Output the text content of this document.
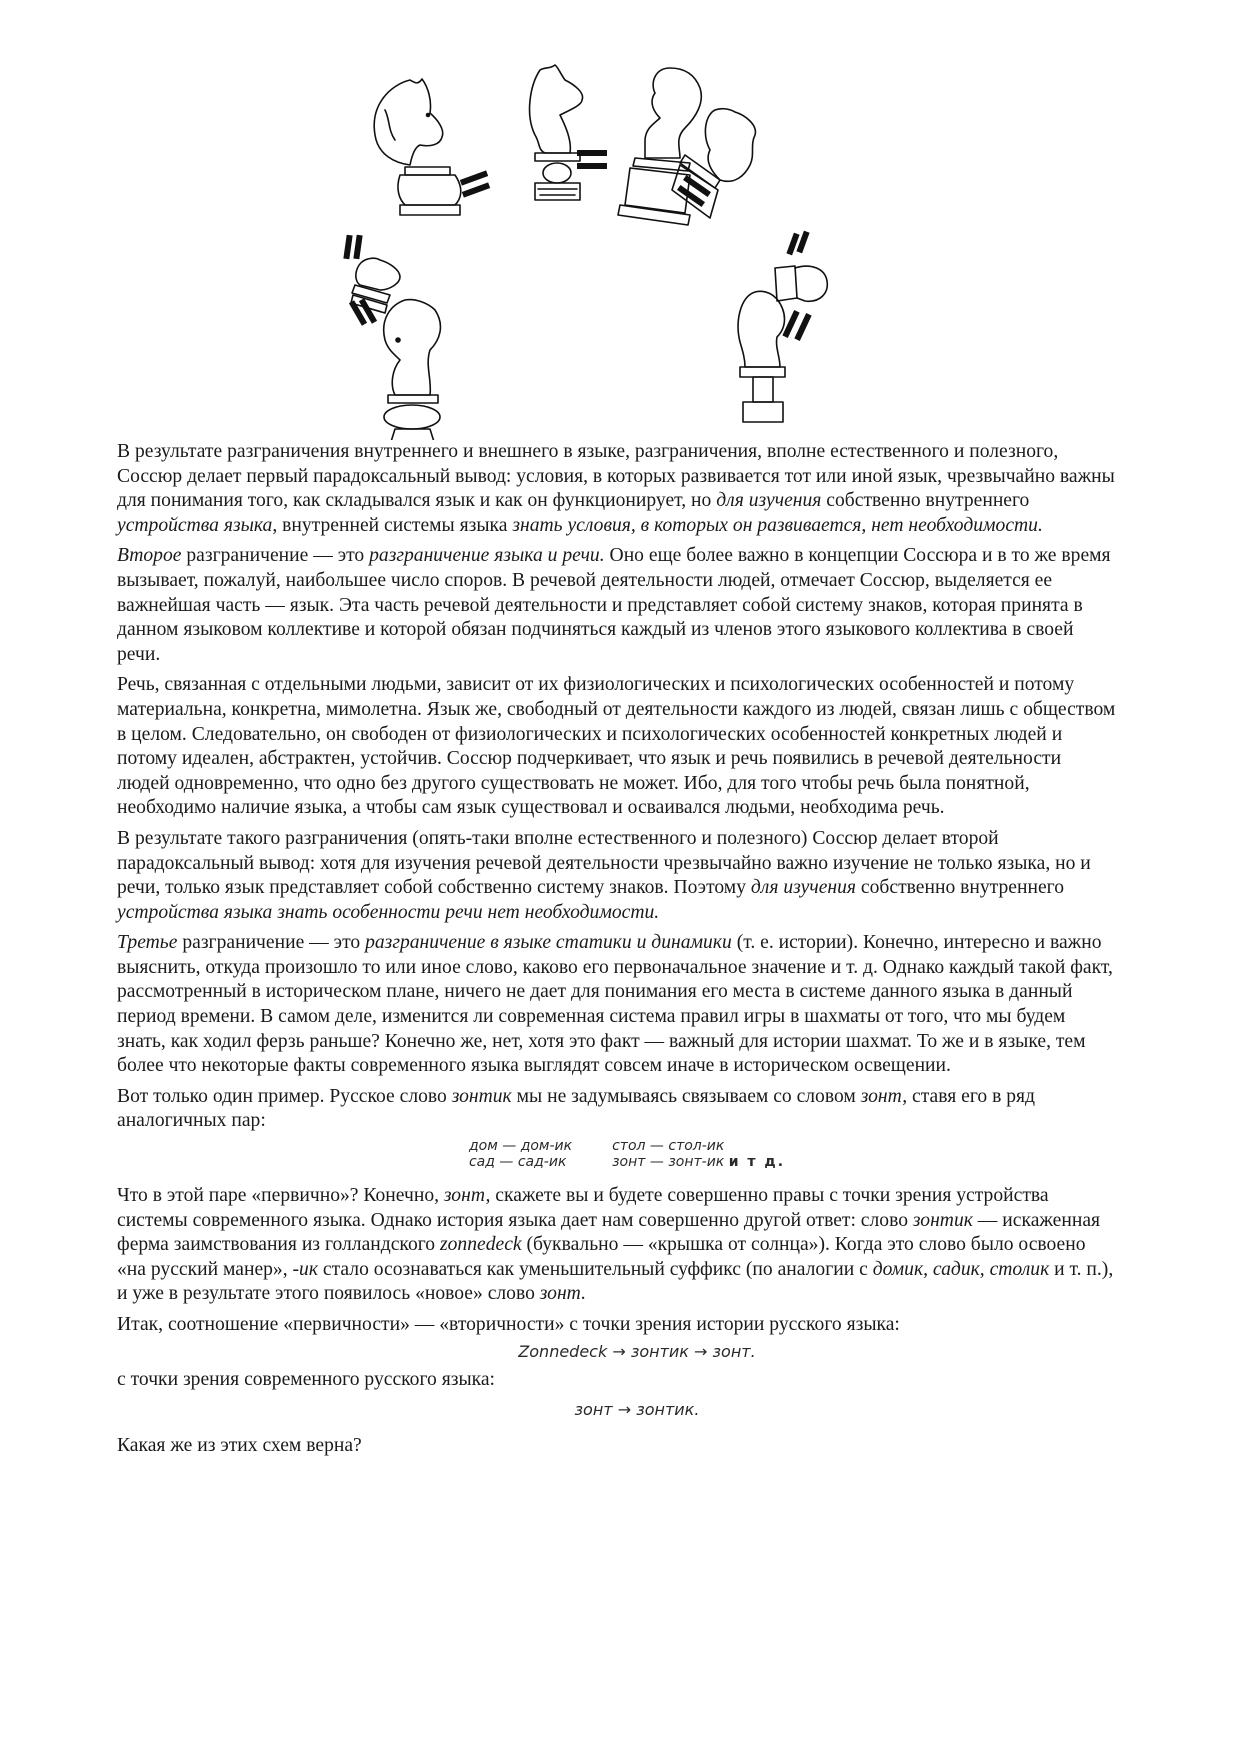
В результате разграничения внутреннего и внешнего в языке, разграничения, вполне естественного и полезного, Соссюр делает первый парадоксальный вывод: условия, в которых развивается тот или иной язык, чрезвычайно важны для понимания того, как складывался язык и как он функционирует, но для изучения собственно внутреннего устройства языка, внутренней системы языка знать условия, в которых он развивается, нет необходимости.

Второе разграничение — это разграничение языка и речи. Оно еще более важно в концепции Соссюра и в то же время вызывает, пожалуй, наибольшее число споров. В речевой деятельности людей, отмечает Соссюр, выделяется ее важнейшая часть — язык. Эта часть речевой деятельности и представляет собой систему знаков, которая принята в данном языковом коллективе и которой обязан подчиняться каждый из членов этого языкового коллектива в своей речи.

Речь, связанная с отдельными людьми, зависит от их физиологических и психологических особенностей и потому материальна, конкретна, мимолетна. Язык же, свободный от деятельности каждого из людей, связан лишь с обществом в целом. Следовательно, он свободен от физиологических и психологических особенностей конкретных людей и потому идеален, абстрактен, устойчив. Соссюр подчеркивает, что язык и речь появились в речевой деятельности людей одновременно, что одно без другого существовать не может. Ибо, для того чтобы речь была понятной, необходимо наличие языка, а чтобы сам язык существовал и осваивался людьми, необходима речь.

В результате такого разграничения (опять-таки вполне естественного и полезного) Соссюр делает второй парадоксальный вывод: хотя для изучения речевой деятельности чрезвычайно важно изучение не только языка, но и речи, только язык представляет собой собственно систему знаков. Поэтому для изучения собственно внутреннего устройства языка знать особенности речи нет необходимости.

Третье разграничение — это разграничение в языке статики и динамики (т. е. истории). Конечно, интересно и важно выяснить, откуда произошло то или иное слово, каково его первоначальное значение и т. д. Однако каждый такой факт, рассмотренный в историческом плане, ничего не дает для понимания его места в системе данного языка в данный период времени. В самом деле, изменится ли современная система правил игры в шахматы от того, что мы будем знать, как ходил ферзь раньше? Конечно же, нет, хотя это факт — важный для истории шахмат. То же и в языке, тем более что некоторые факты современного языка выглядят совсем иначе в историческом освещении.

Вот только один пример. Русское слово зонтик мы не задумываясь связываем со словом зонт, ставя его в ряд аналогичных пар:

дом — дом-ик
сад — сад-ик
стол — стол-ик
зонт — зонт-ик и т д.

Что в этой паре «первично»? Конечно, зонт, скажете вы и будете совершенно правы с точки зрения устройства системы современного языка. Однако история языка дает нам совершенно другой ответ: слово зонтик — искаженная ферма заимствования из голландского zonnedeck (буквально — «крышка от солнца»). Когда это слово было освоено «на русский манер», -ик стало осознаваться как уменьшительный суффикс (по аналогии с домик, садик, столик и т. п.), и уже в результате этого появилось «новое» слово зонт.

Итак, соотношение «первичности» — «вторичности» с точки зрения истории русского языка:

Zonnedeck → зонтик → зонт.

с точки зрения современного русского языка:

зонт → зонтик.

Какая же из этих схем верна?
